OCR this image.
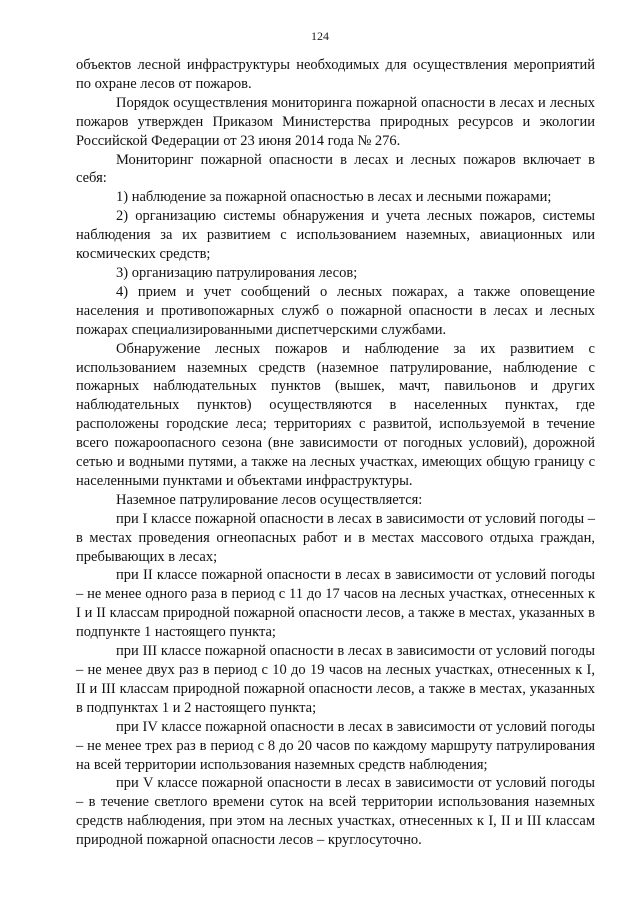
124

объектов лесной инфраструктуры необходимых для осуществления мероприятий по охране лесов от пожаров.

Порядок осуществления мониторинга пожарной опасности в лесах и лесных пожаров утвержден Приказом Министерства природных ресурсов и экологии Российской Федерации от 23 июня 2014 года № 276.

Мониторинг пожарной опасности в лесах и лесных пожаров включает в себя:

1) наблюдение за пожарной опасностью в лесах и лесными пожарами;

2) организацию системы обнаружения и учета лесных пожаров, системы наблюдения за их развитием с использованием наземных, авиационных или космических средств;

3) организацию патрулирования лесов;

4) прием и учет сообщений о лесных пожарах, а также оповещение населения и противопожарных служб о пожарной опасности в лесах и лесных пожарах специализированными диспетчерскими службами.

Обнаружение лесных пожаров и наблюдение за их развитием с использованием наземных средств (наземное патрулирование, наблюдение с пожарных наблюдательных пунктов (вышек, мачт, павильонов и других наблюдательных пунктов) осуществляются в населенных пунктах, где расположены городские леса; территориях с развитой, используемой в течение всего пожароопасного сезона (вне зависимости от погодных условий), дорожной сетью и водными путями, а также на лесных участках, имеющих общую границу с населенными пунктами и объектами инфраструктуры.

Наземное патрулирование лесов осуществляется:

при I классе пожарной опасности в лесах в зависимости от условий погоды – в местах проведения огнеопасных работ и в местах массового отдыха граждан, пребывающих в лесах;

при II классе пожарной опасности в лесах в зависимости от условий погоды – не менее одного раза в период с 11 до 17 часов на лесных участках, отнесенных к I и II классам природной пожарной опасности лесов, а также в местах, указанных в подпункте 1 настоящего пункта;

при III классе пожарной опасности в лесах в зависимости от условий погоды – не менее двух раз в период с 10 до 19 часов на лесных участках, отнесенных к I, II и III классам природной пожарной опасности лесов, а также в местах, указанных в подпунктах 1 и 2 настоящего пункта;

при IV классе пожарной опасности в лесах в зависимости от условий погоды – не менее трех раз в период с 8 до 20 часов по каждому маршруту патрулирования на всей территории использования наземных средств наблюдения;

при V классе пожарной опасности в лесах в зависимости от условий погоды – в течение светлого времени суток на всей территории использования наземных средств наблюдения, при этом на лесных участках, отнесенных к I, II и III классам природной пожарной опасности лесов – круглосуточно.
